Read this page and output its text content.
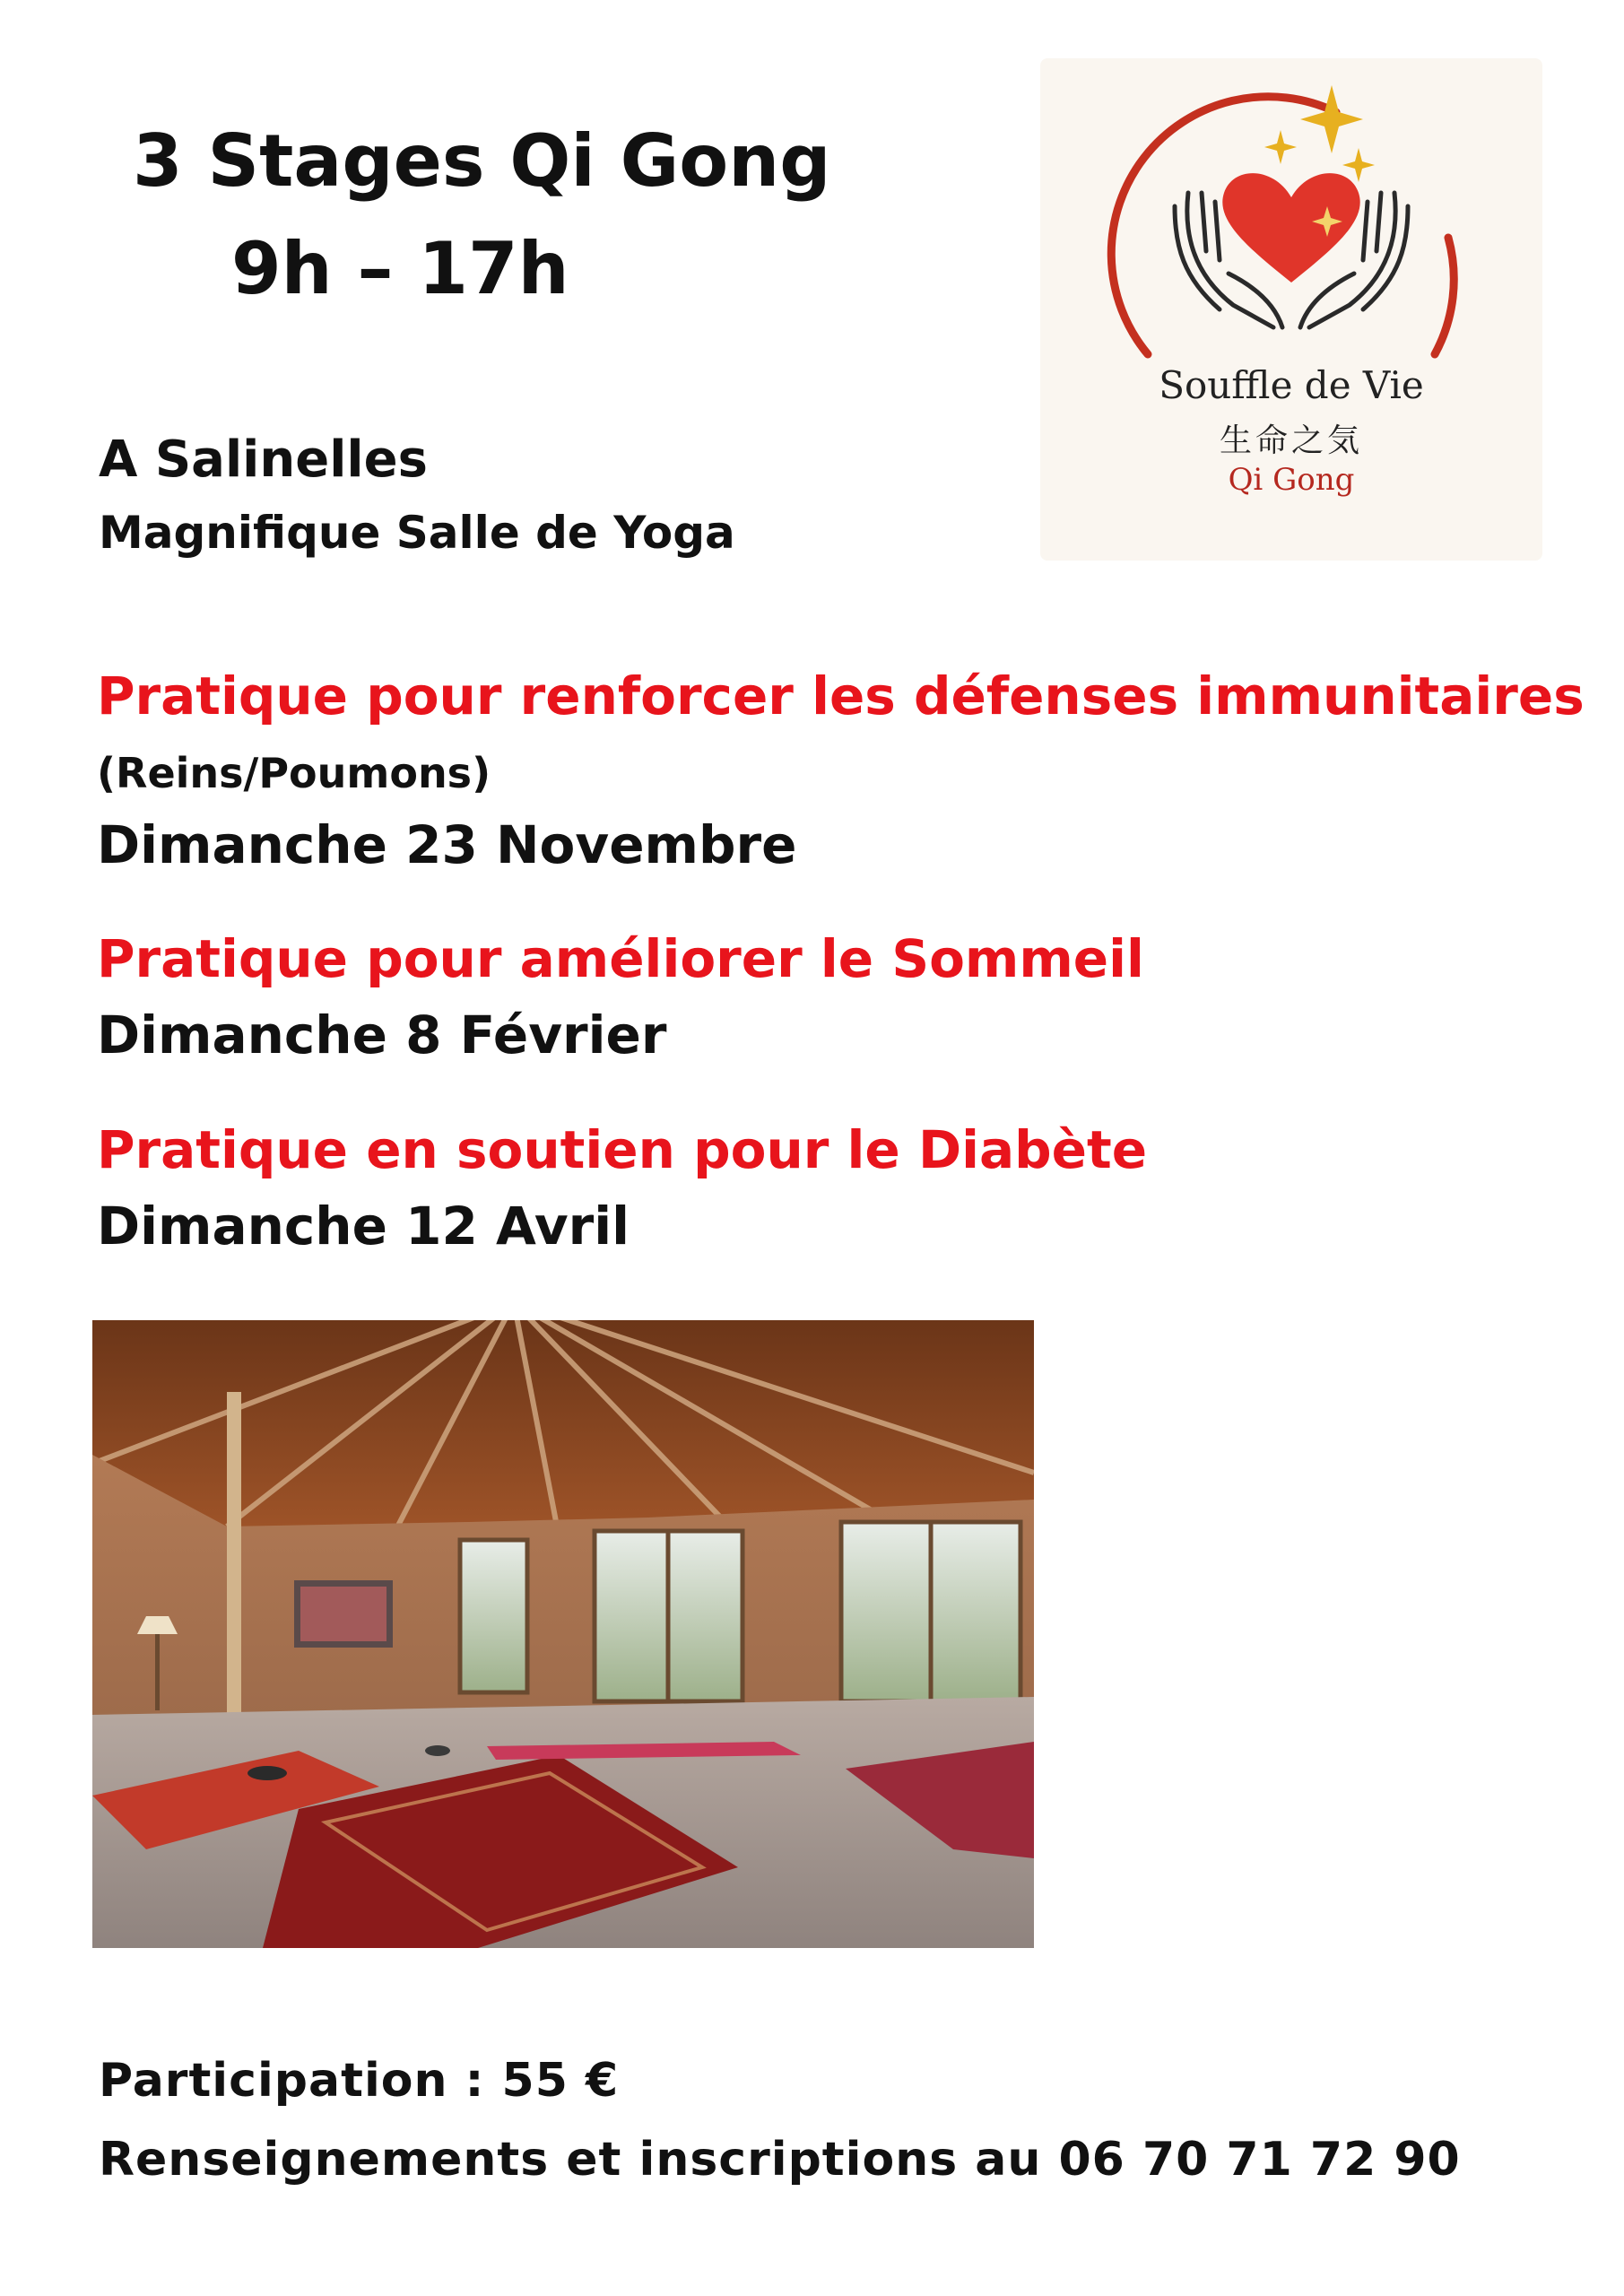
3 Stages Qi Gong
9h – 17h
A Salinelles
Magnifique Salle de Yoga
Souffle de Vie
生命之気
Qi Gong
Pratique pour renforcer les défenses immunitaires
(Reins/Poumons)
Dimanche 23 Novembre
Pratique pour améliorer le Sommeil
Dimanche 8 Février
Pratique en soutien pour le Diabète
Dimanche 12 Avril
Participation : 55 €
Renseignements et inscriptions au 06 70 71 72 90
